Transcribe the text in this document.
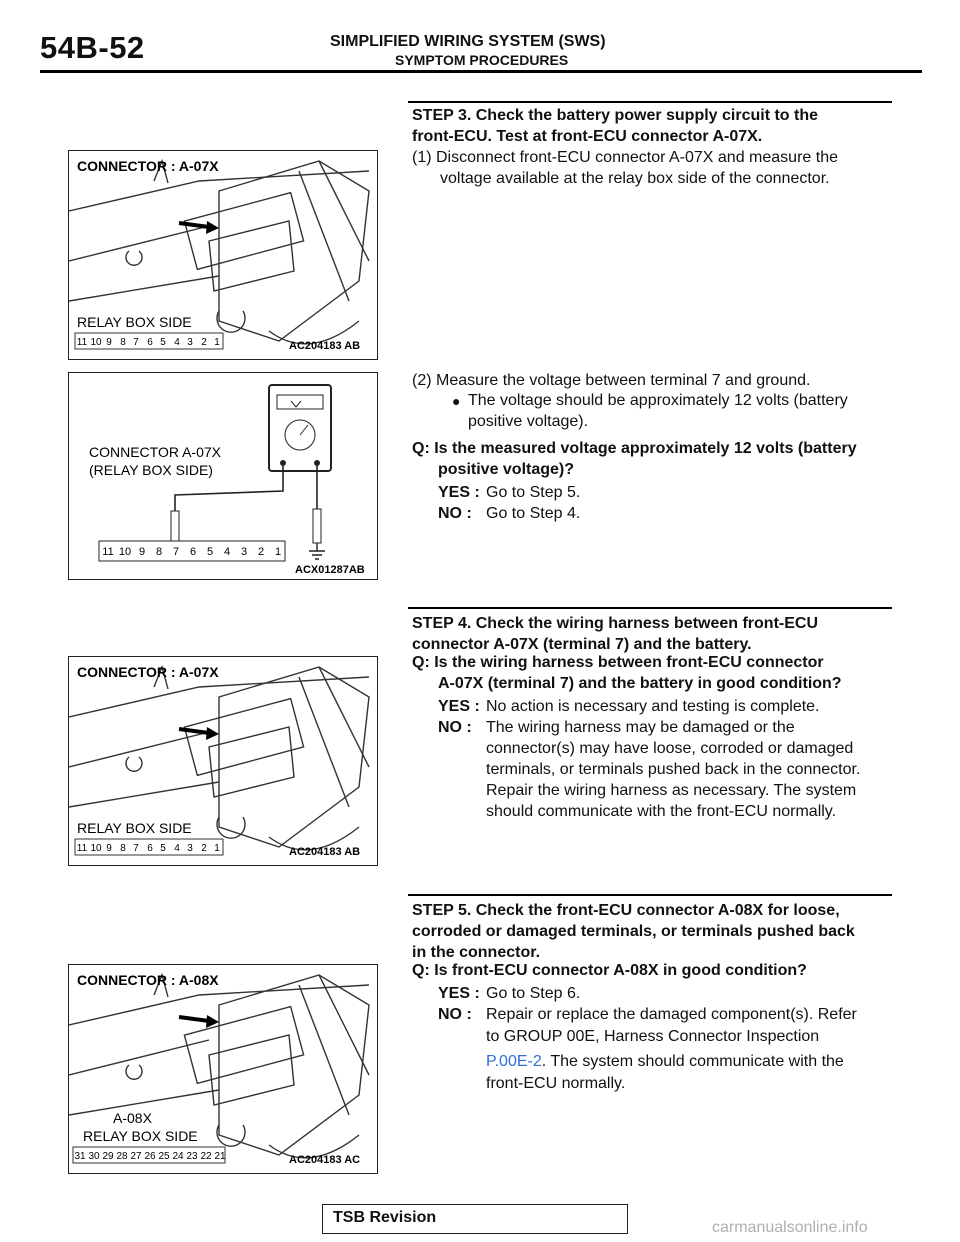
54B-52	SIMPLIFIED WIRING SYSTEM (SWS)
SYMPTOM PROCEDURES
CONNECTOR : A-07X
RELAY BOX SIDE
11 10 9 8 7 6 5 4 3 2 1	AC204183 AB
CONNECTOR A-07X
(RELAY BOX SIDE)
11 10 9 8 7 6 5 4 3 2 1
ACX01287AB
CONNECTOR : A-07X
RELAY BOX SIDE
11 10 9 8 7 6 5 4 3 2 1	AC204183 AB
CONNECTOR : A-08X
A-08X
RELAY BOX SIDE
31 30 29 28 27 26 25 24 23 22 21	AC204183 AC
STEP 3. Check the battery power supply circuit to the
front-ECU. Test at front-ECU connector A-07X.
(1) Disconnect front-ECU connector A-07X and measure the
voltage available at the relay box side of the connector.
(2) Measure the voltage between terminal 7 and ground.
● The voltage should be approximately 12 volts (battery
positive voltage).
Q: Is the measured voltage approximately 12 volts (battery
positive voltage)?
YES : Go to Step 5.
NO : Go to Step 4.
STEP 4. Check the wiring harness between front-ECU
connector A-07X (terminal 7) and the battery.
Q: Is the wiring harness between front-ECU connector
A-07X (terminal 7) and the battery in good condition?
YES : No action is necessary and testing is complete.
NO : The wiring harness may be damaged or the
connector(s) may have loose, corroded or damaged
terminals, or terminals pushed back in the connector.
Repair the wiring harness as necessary. The system
should communicate with the front-ECU normally.
STEP 5. Check the front-ECU connector A-08X for loose,
corroded or damaged terminals, or terminals pushed back
in the connector.
Q: Is front-ECU connector A-08X in good condition?
YES : Go to Step 6.
NO : Repair or replace the damaged component(s). Refer
to GROUP 00E, Harness Connector Inspection
P.00E-2. The system should communicate with the
front-ECU normally.
TSB Revision
carmanualsonline.info
